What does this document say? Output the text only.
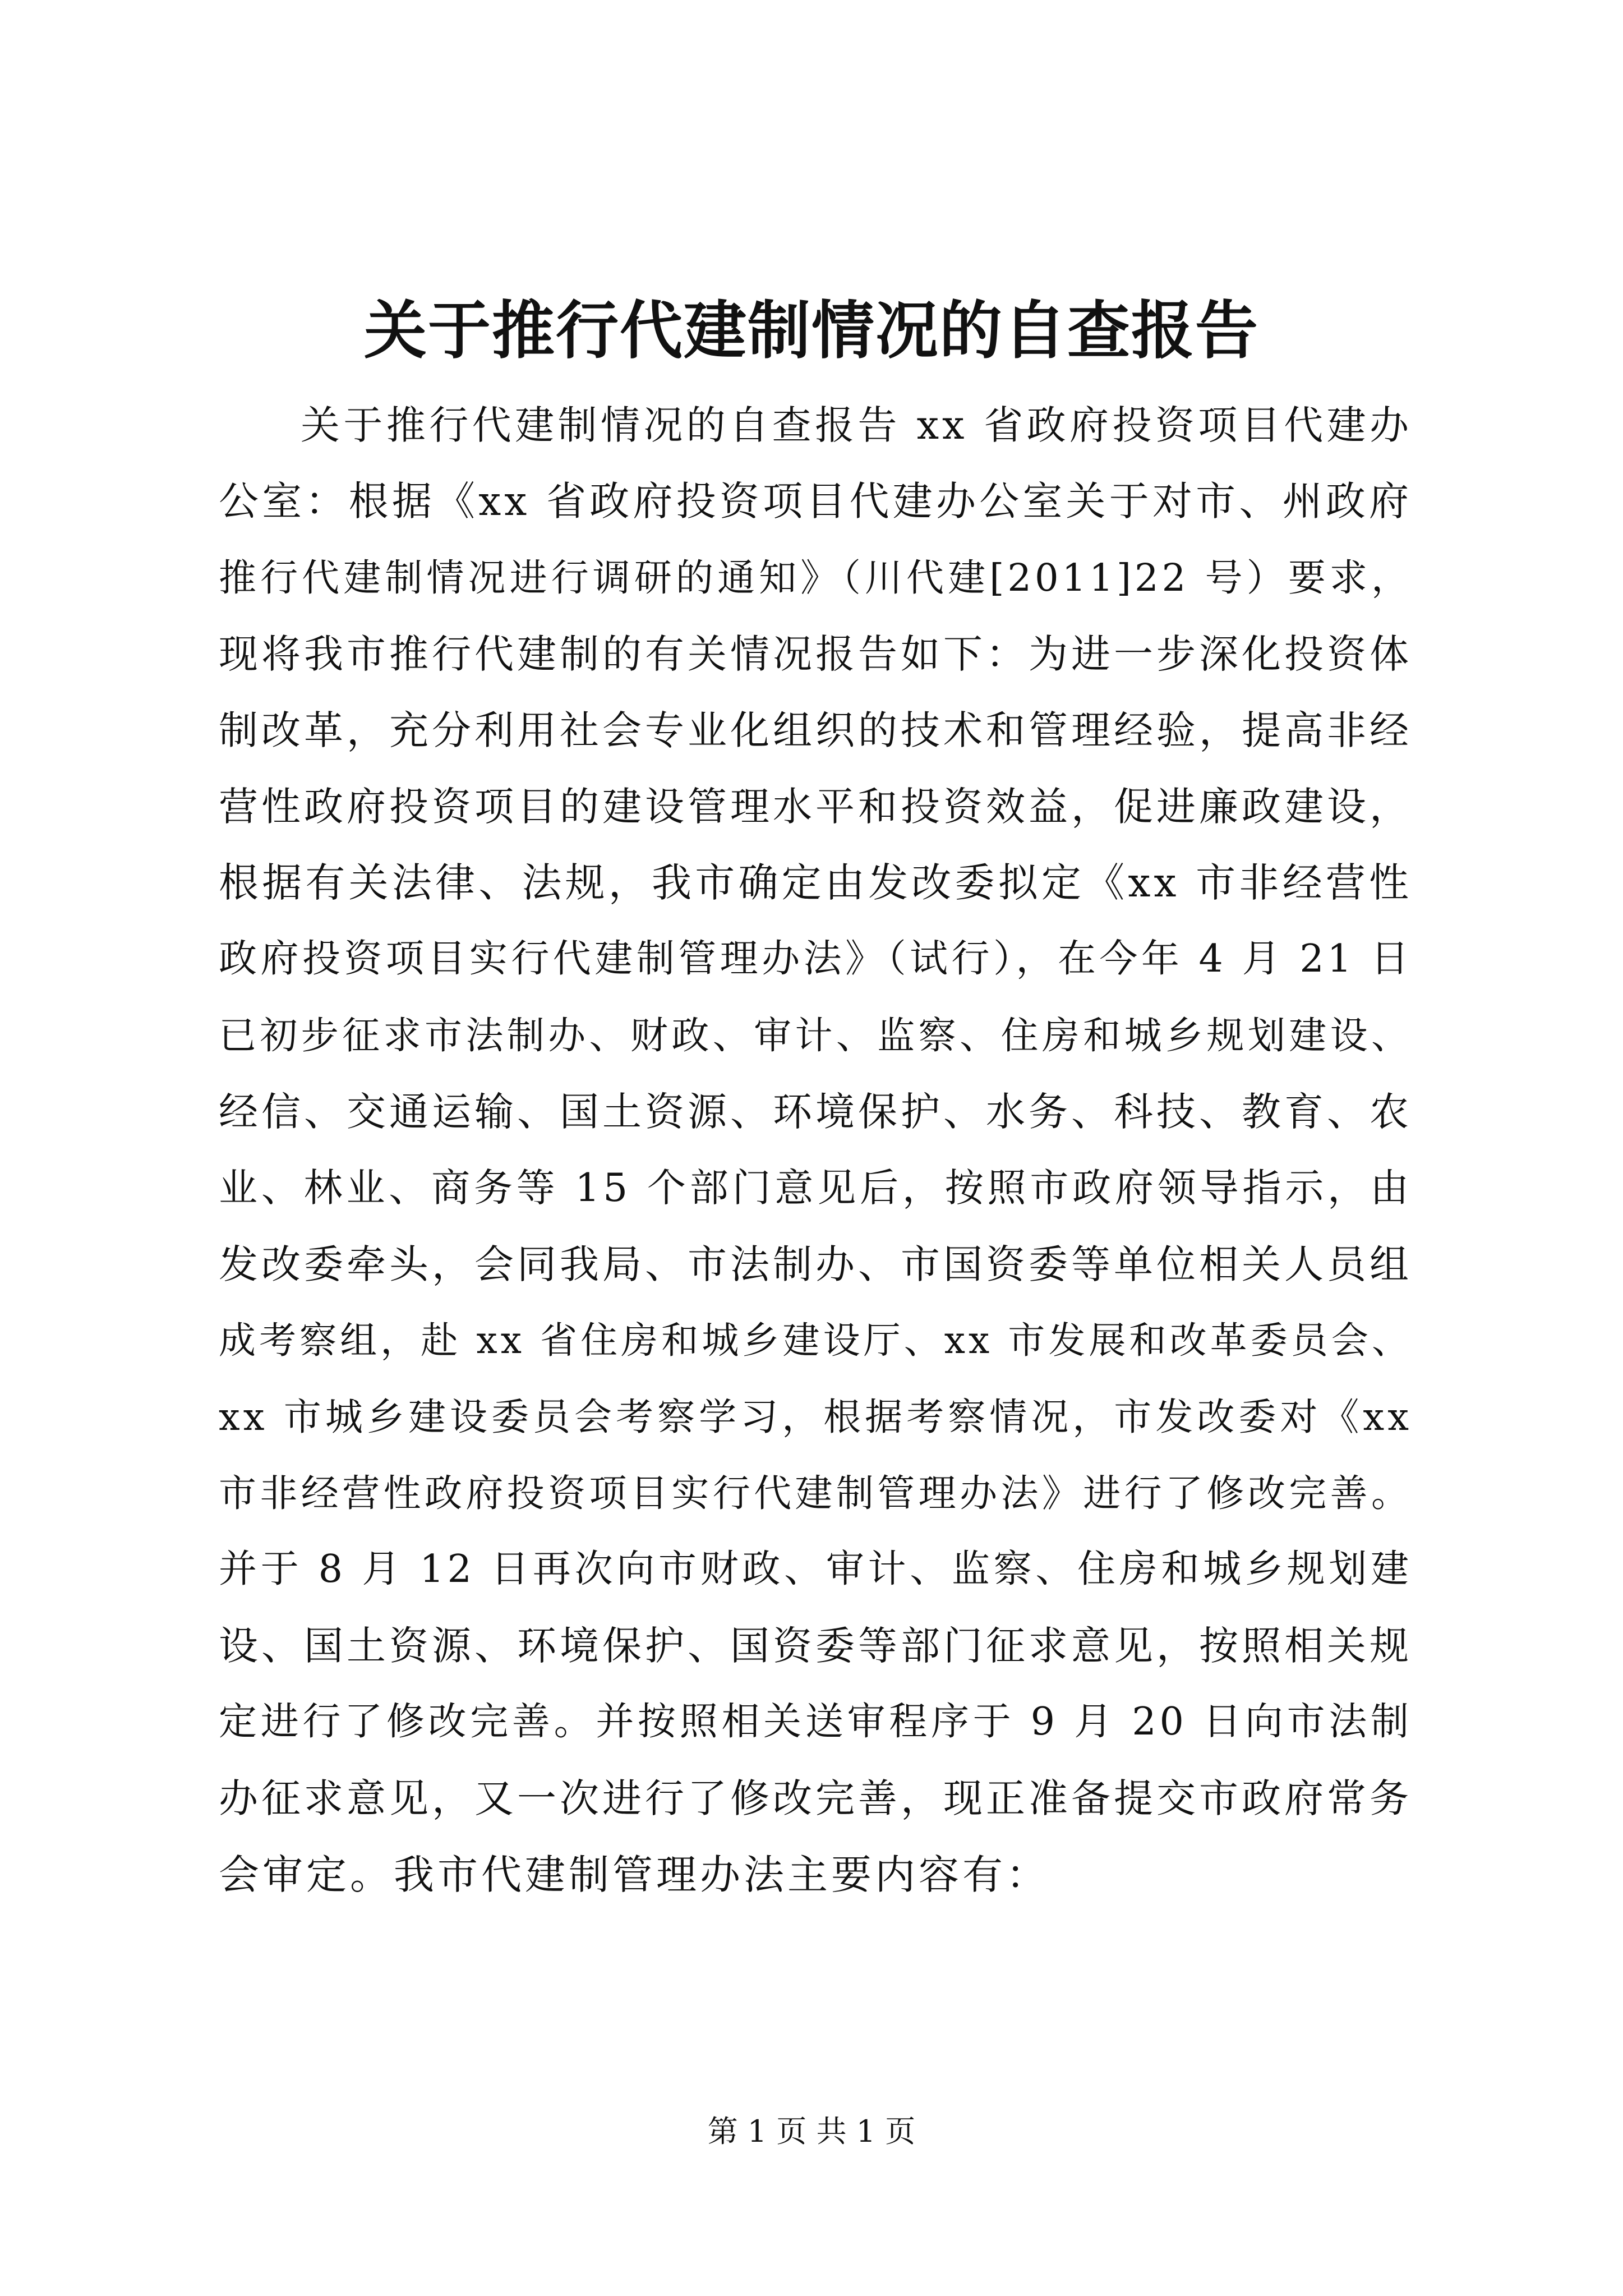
关于推行代建制情况的自查报告
关于推行代建制情况的自查报告 xx 省政府投资项目代建办
公室：根据《xx 省政府投资项目代建办公室关于对市、州政府
推行代建制情况进行调研的通知》（川代建[2011]22 号）要求，
现将我市推行代建制的有关情况报告如下：为进一步深化投资体
制改革，充分利用社会专业化组织的技术和管理经验，提高非经
营性政府投资项目的建设管理水平和投资效益，促进廉政建设，
根据有关法律、法规，我市确定由发改委拟定《xx 市非经营性
政府投资项目实行代建制管理办法》（试行），在今年 4 月 21 日
已初步征求市法制办、财政、审计、监察、住房和城乡规划建设、
经信、交通运输、国土资源、环境保护、水务、科技、教育、农
业、林业、商务等 15 个部门意见后，按照市政府领导指示，由
发改委牵头，会同我局、市法制办、市国资委等单位相关人员组
成考察组，赴 xx 省住房和城乡建设厅、xx 市发展和改革委员会、
xx 市城乡建设委员会考察学习，根据考察情况，市发改委对《xx
市非经营性政府投资项目实行代建制管理办法》进行了修改完善。
并于 8 月 12 日再次向市财政、审计、监察、住房和城乡规划建
设、国土资源、环境保护、国资委等部门征求意见，按照相关规
定进行了修改完善。并按照相关送审程序于 9 月 20 日向市法制
办征求意见，又一次进行了修改完善，现正准备提交市政府常务
会审定。我市代建制管理办法主要内容有：

第 1 页 共 1 页
